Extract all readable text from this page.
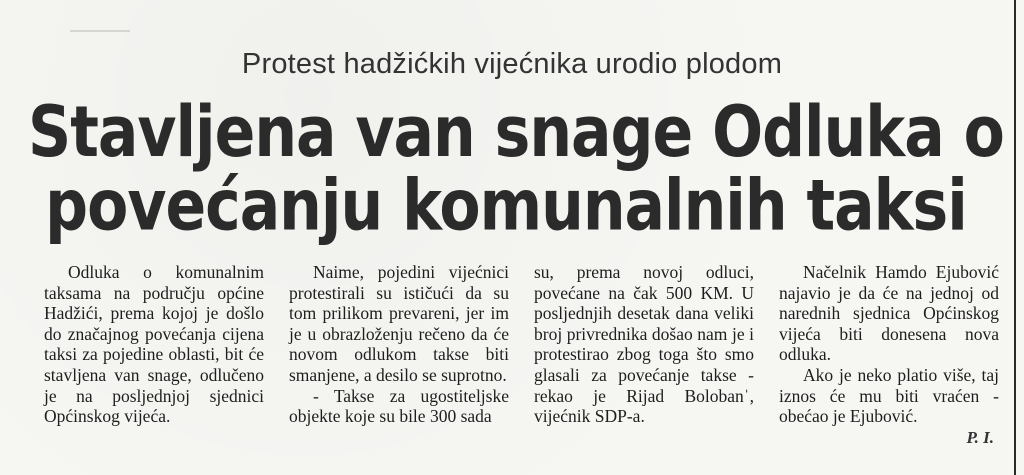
Protest hadžićkih vijećnika urodio plodom
Stavljena van snage Odluka o
povećanju komunalnih taksi

Odluka o komunalnim taksama na području općine Hadžići, prema kojoj je došlo do značajnog povećanja cijena taksi za pojedine oblasti, bit će stavljena van snage, odlučeno je na posljednjoj sjednici Općinskog vijeća.

Naime, pojedini vijećnici protestirali su ističući da su tom prilikom prevareni, jer im je u obrazloženju rečeno da će novom odlukom takse biti smanjene, a desilo se suprotno.

- Takse za ugostiteljske objekte koje su bile 300 sada

su, prema novoj odluci, povećane na čak 500 KM. U posljednjih desetak dana veliki broj privrednika došao nam je i protestirao zbog toga što smo glasali za povećanje takse - rekao je Rijad Bolobanˈ, vijećnik SDP-a.

Načelnik Hamdo Ejubović najavio je da će na jednoj od narednih sjednica Općinskog vijeća biti donesena nova odluka.

Ako je neko platio više, taj iznos će mu biti vraćen - obećao je Ejubović.

P. I.
